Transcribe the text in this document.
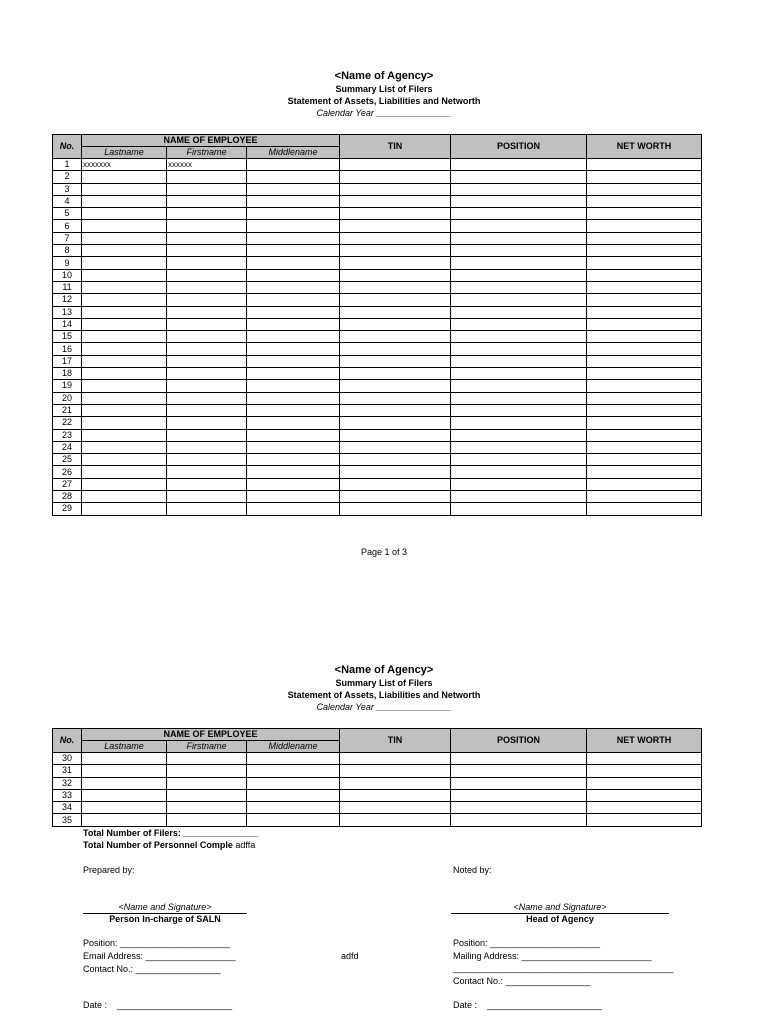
<Name of Agency>
Summary List of Filers
Statement of Assets, Liabilities and Networth
Calendar Year _______________
No.	NAME OF EMPLOYEE			TIN	POSITION	NET WORTH
	Lastname	Firstname	Middlename			
1	xxxxxxx	xxxxxx				
2						
3						
4						
5						
6						
7						
8						
9						
10						
11						
12						
13						
14						
15						
16						
17						
18						
19						
20						
21						
22						
23						
24						
25						
26						
27						
28						
29						
Page 1 of 3
<Name of Agency>
Summary List of Filers
Statement of Assets, Liabilities and Networth
Calendar Year _______________
No.	NAME OF EMPLOYEE			TIN	POSITION	NET WORTH
	Lastname	Firstname	Middlename			
30						
31						
32						
33						
34						
35						
Total Number of Filers: _______________
Total Number of Personnel Comple adffa
Prepared by:	Noted by:
<Name and Signature>
Person In-charge of SALN
<Name and Signature>
Head of Agency
Position: ______________________
Email Address: __________________
Contact No.: _________________
adfd
Position: ______________________
Mailing Address: __________________________
____________________________________________
Contact No.: _________________
Date :    _______________________	Date :    _______________________
